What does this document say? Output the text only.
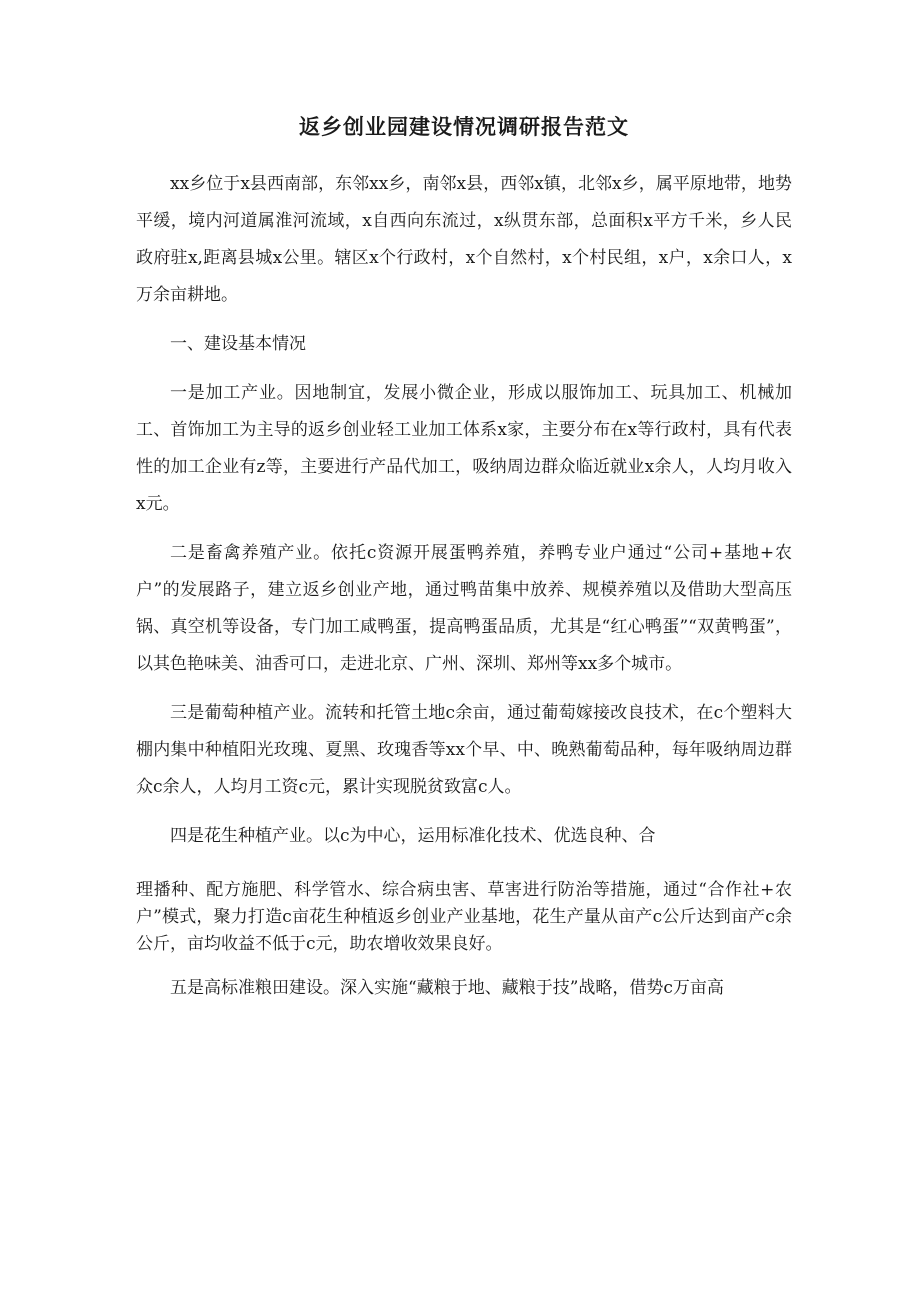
返乡创业园建设情况调研报告范文

xx乡位于x县西南部，东邻xx乡，南邻x县，西邻x镇，北邻x乡，属平原地带，地势平缓，境内河道属淮河流域，x自西向东流过，x纵贯东部，总面积x平方千米，乡人民政府驻x,距离县城x公里。辖区x个行政村，x个自然村，x个村民组，x户，x余口人，x万余亩耕地。

一、建设基本情况

一是加工产业。因地制宜，发展小微企业，形成以服饰加工、玩具加工、机械加工、首饰加工为主导的返乡创业轻工业加工体系x家，主要分布在x等行政村，具有代表性的加工企业有z等，主要进行产品代加工，吸纳周边群众临近就业x余人，人均月收入x元。

二是畜禽养殖产业。依托c资源开展蛋鸭养殖，养鸭专业户通过“公司+基地+农户”的发展路子，建立返乡创业产地，通过鸭苗集中放养、规模养殖以及借助大型高压锅、真空机等设备，专门加工咸鸭蛋，提高鸭蛋品质，尤其是“红心鸭蛋”“双黄鸭蛋”，以其色艳味美、油香可口，走进北京、广州、深圳、郑州等xx多个城市。

三是葡萄种植产业。流转和托管土地c余亩，通过葡萄嫁接改良技术，在c个塑料大棚内集中种植阳光玫瑰、夏黑、玫瑰香等xx个早、中、晚熟葡萄品种，每年吸纳周边群众c余人，人均月工资c元，累计实现脱贫致富c人。

四是花生种植产业。以c为中心，运用标准化技术、优选良种、合

理播种、配方施肥、科学管水、综合病虫害、草害进行防治等措施，通过“合作社+农户”模式，聚力打造c亩花生种植返乡创业产业基地，花生产量从亩产c公斤达到亩产c余公斤，亩均收益不低于c元，助农增收效果良好。

五是高标准粮田建设。深入实施“藏粮于地、藏粮于技”战略，借势c万亩高
